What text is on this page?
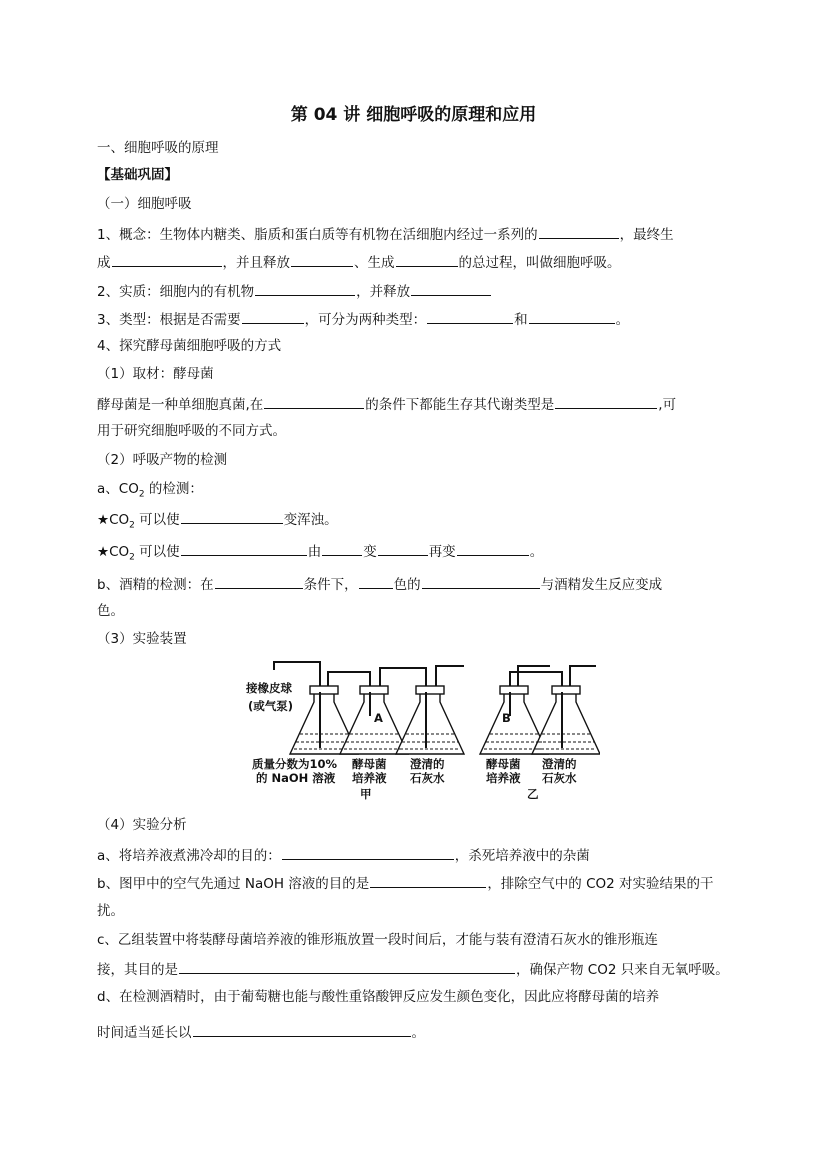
第 04 讲 细胞呼吸的原理和应用
一、细胞呼吸的原理
【基础巩固】
（一）细胞呼吸
1、概念：生物体内糖类、脂质和蛋白质等有机物在活细胞内经过一系列的	，最终生
成	，并且释放	、生成	的总过程，叫做细胞呼吸。
2、实质：细胞内的有机物	，并释放
3、类型：根据是否需要	，可分为两种类型：	和	。
4、探究酵母菌细胞呼吸的方式
（1）取材：酵母菌
酵母菌是一种单细胞真菌,在	的条件下都能生存其代谢类型是	,可
用于研究细胞呼吸的不同方式。
（2）呼吸产物的检测
a、$CO_2$ 的检测：
$★CO_2$ 可以使	变浑浊。
$★CO_2$ 可以使	由	变	再变	。
b、酒精的检测：在	条件下，	色的	与酒精发生反应变成
色。
（3）实验装置
接橡皮球
(或气泵)
A	B
质量分数为10%
的 NaOH 溶液
酵母菌
培养液
澄清的
石灰水
甲
酵母菌
培养液
澄清的
石灰水
乙
（4）实验分析
a、将培养液煮沸冷却的目的：	，杀死培养液中的杂菌
b、图甲中的空气先通过 NaOH 溶液的目的是	，排除空气中的 CO2 对实验结果的干
扰。
c、乙组装置中将装酵母菌培养液的锥形瓶放置一段时间后，才能与装有澄清石灰水的锥形瓶连
接，其目的是	，确保产物 CO2 只来自无氧呼吸。
d、在检测酒精时，由于葡萄糖也能与酸性重铬酸钾反应发生颜色变化，因此应将酵母菌的培养
时间适当延长以	。
